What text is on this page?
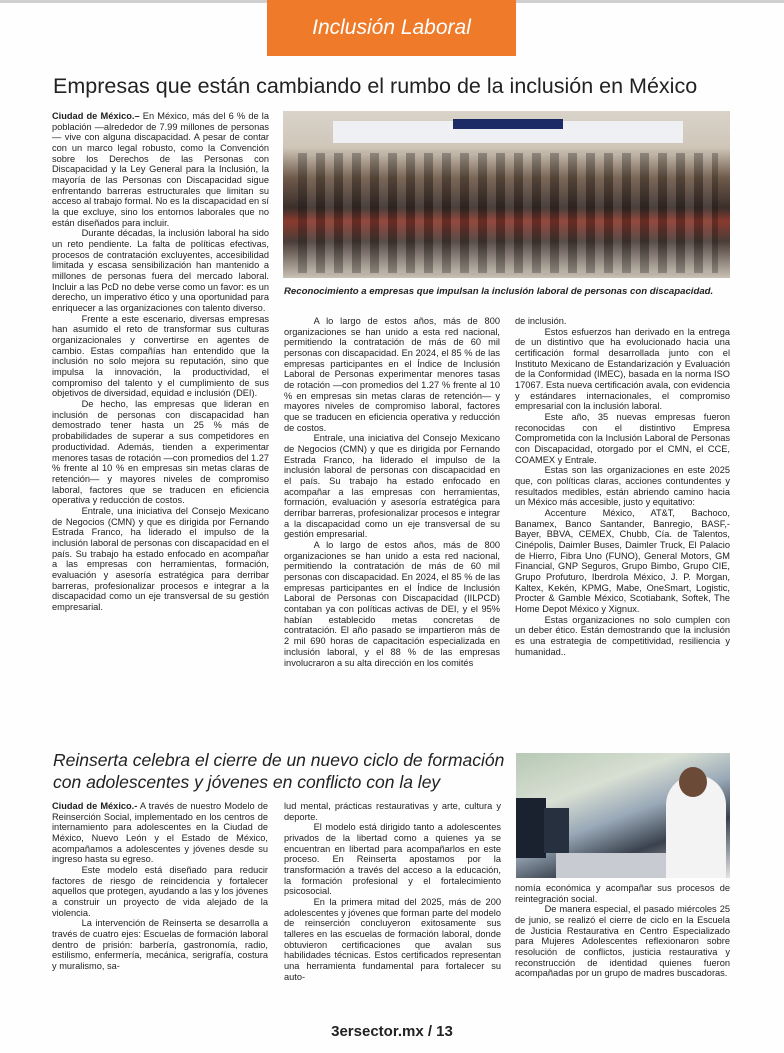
Inclusión Laboral
Empresas que están cambiando el rumbo de la inclusión en México

Ciudad de México.– En México, más del 6 % de la población —alrededor de 7.99 millones de personas— vive con alguna discapacidad. A pesar de contar con un marco legal robusto, como la Convención sobre los Derechos de las Personas con Discapacidad y la Ley General para la Inclusión, la mayoría de las Personas con Discapacidad sigue enfrentando barreras estructurales que limitan su acceso al trabajo formal. No es la discapacidad en sí la que excluye, sino los entornos laborales que no están diseñados para incluir.

Durante décadas, la inclusión laboral ha sido un reto pendiente. La falta de políticas efectivas, procesos de contratación excluyentes, accesibilidad limitada y escasa sensibilización han mantenido a millones de personas fuera del mercado laboral. Incluir a las PcD no debe verse como un favor: es un derecho, un imperativo ético y una oportunidad para enriquecer a las organizaciones con talento diverso.

Frente a este escenario, diversas empresas han asumido el reto de transformar sus culturas organizacionales y convertirse en agentes de cambio. Estas compañías han entendido que la inclusión no solo mejora su reputación, sino que impulsa la innovación, la productividad, el compromiso del talento y el cumplimiento de sus objetivos de diversidad, equidad e inclusión (DEI).

De hecho, las empresas que lideran en inclusión de personas con discapacidad han demostrado tener hasta un 25 % más de probabilidades de superar a sus competidores en productividad. Además, tienden a experimentar menores tasas de rotación —con promedios del 1.27 % frente al 10 % en empresas sin metas claras de retención— y mayores niveles de compromiso laboral, factores que se traducen en eficiencia operativa y reducción de costos.

Entrale, una iniciativa del Consejo Mexicano de Negocios (CMN) y que es dirigida por Fernando Estrada Franco, ha liderado el impulso de la inclusión laboral de personas con discapacidad en el país. Su trabajo ha estado enfocado en acompañar a las empresas con herramientas, formación, evaluación y asesoría estratégica para derribar barreras, profesionalizar procesos e integrar a la discapacidad como un eje transversal de su gestión empresarial.

Reconocimiento a empresas que impulsan la inclusión laboral de personas con discapacidad.

A lo largo de estos años, más de 800 organizaciones se han unido a esta red nacional, permitiendo la contratación de más de 60 mil personas con discapacidad. En 2024, el 85 % de las empresas participantes en el Índice de Inclusión Laboral de Personas experimentar menores tasas de rotación —con promedios del 1.27 % frente al 10 % en empresas sin metas claras de retención— y mayores niveles de compromiso laboral, factores que se traducen en eficiencia operativa y reducción de costos.

Entrale, una iniciativa del Consejo Mexicano de Negocios (CMN) y que es dirigida por Fernando Estrada Franco, ha liderado el impulso de la inclusión laboral de personas con discapacidad en el país. Su trabajo ha estado enfocado en acompañar a las empresas con herramientas, formación, evaluación y asesoría estratégica para derribar barreras, profesionalizar procesos e integrar a la discapacidad como un eje transversal de su gestión empresarial.

A lo largo de estos años, más de 800 organizaciones se han unido a esta red nacional, permitiendo la contratación de más de 60 mil personas con discapacidad. En 2024, el 85 % de las empresas participantes en el Índice de Inclusión Laboral de Personas con Discapacidad (IILPCD) contaban ya con políticas activas de DEI, y el 95% habían establecido metas concretas de contratación. El año pasado se impartieron más de 2 mil 690 horas de capacitación especializada en inclusión laboral, y el 88 % de las empresas involucraron a su alta dirección en los comités

de inclusión.

Estos esfuerzos han derivado en la entrega de un distintivo que ha evolucionado hacia una certificación formal desarrollada junto con el Instituto Mexicano de Estandarización y Evaluación de la Conformidad (IMEC), basada en la norma ISO 17067. Esta nueva certificación avala, con evidencia y estándares internacionales, el compromiso empresarial con la inclusión laboral.

Este año, 35 nuevas empresas fueron reconocidas con el distintivo Empresa Comprometida con la Inclusión Laboral de Personas con Discapacidad, otorgado por el CMN, el CCE, COAMEX y Entrale.

Estas son las organizaciones en este 2025 que, con políticas claras, acciones contundentes y resultados medibles, están abriendo camino hacia un México más accesible, justo y equitativo:

Accenture México, AT&T, Bachoco, Banamex, Banco Santander, Banregio, BASF,-Bayer, BBVA, CEMEX, Chubb, Cía. de Talentos, Cinépolis, Daimler Buses, Daimler Truck, El Palacio de Hierro, Fibra Uno (FUNO), General Motors, GM Financial, GNP Seguros, Grupo Bimbo, Grupo CIE, Grupo Profuturo, Iberdrola México, J. P. Morgan, Kaltex, Kekén, KPMG, Mabe, OneSmart, Logistic, Procter & Gamble México, Scotiabank, Softek, The Home Depot México y Xignux.

Estas organizaciones no solo cumplen con un deber ético. Están demostrando que la inclusión es una estrategia de competitividad, resiliencia y humanidad..

Reinserta celebra el cierre de un nuevo ciclo de formación con adolescentes y jóvenes en conflicto con la ley

Ciudad de México.- A través de nuestro Modelo de Reinserción Social, implementado en los centros de internamiento para adolescentes en la Ciudad de México, Nuevo León y el Estado de México, acompañamos a adolescentes y jóvenes desde su ingreso hasta su egreso.

Este modelo está diseñado para reducir factores de riesgo de reincidencia y fortalecer aquellos que protegen, ayudando a las y los jóvenes a construir un proyecto de vida alejado de la violencia.

La intervención de Reinserta se desarrolla a través de cuatro ejes: Escuelas de formación laboral dentro de prisión: barbería, gastronomía, radio, estilismo, enfermería, mecánica, serigrafía, costura y muralismo, sa-

lud mental, prácticas restaurativas y arte, cultura y deporte.

El modelo está dirigido tanto a adolescentes privados de la libertad como a quienes ya se encuentran en libertad para acompañarlos en este proceso. En Reinserta apostamos por la transformación a través del acceso a la educación, la formación profesional y el fortalecimiento psicosocial.

En la primera mitad del 2025, más de 200 adolescentes y jóvenes que forman parte del modelo de reinserción concluyeron exitosamente sus talleres en las escuelas de formación laboral, donde obtuvieron certificaciones que avalan sus habilidades técnicas. Estos certificados representan una herramienta fundamental para fortalecer su auto-

nomía económica y acompañar sus procesos de reintegración social.

De manera especial, el pasado miércoles 25 de junio, se realizó el cierre de ciclo en la Escuela de Justicia Restaurativa en Centro Especializado para Mujeres Adolescentes reflexionaron sobre resolución de conflictos, justicia restaurativa y reconstrucción de identidad quienes fueron acompañadas por un grupo de madres buscadoras.

3ersector.mx / 13
